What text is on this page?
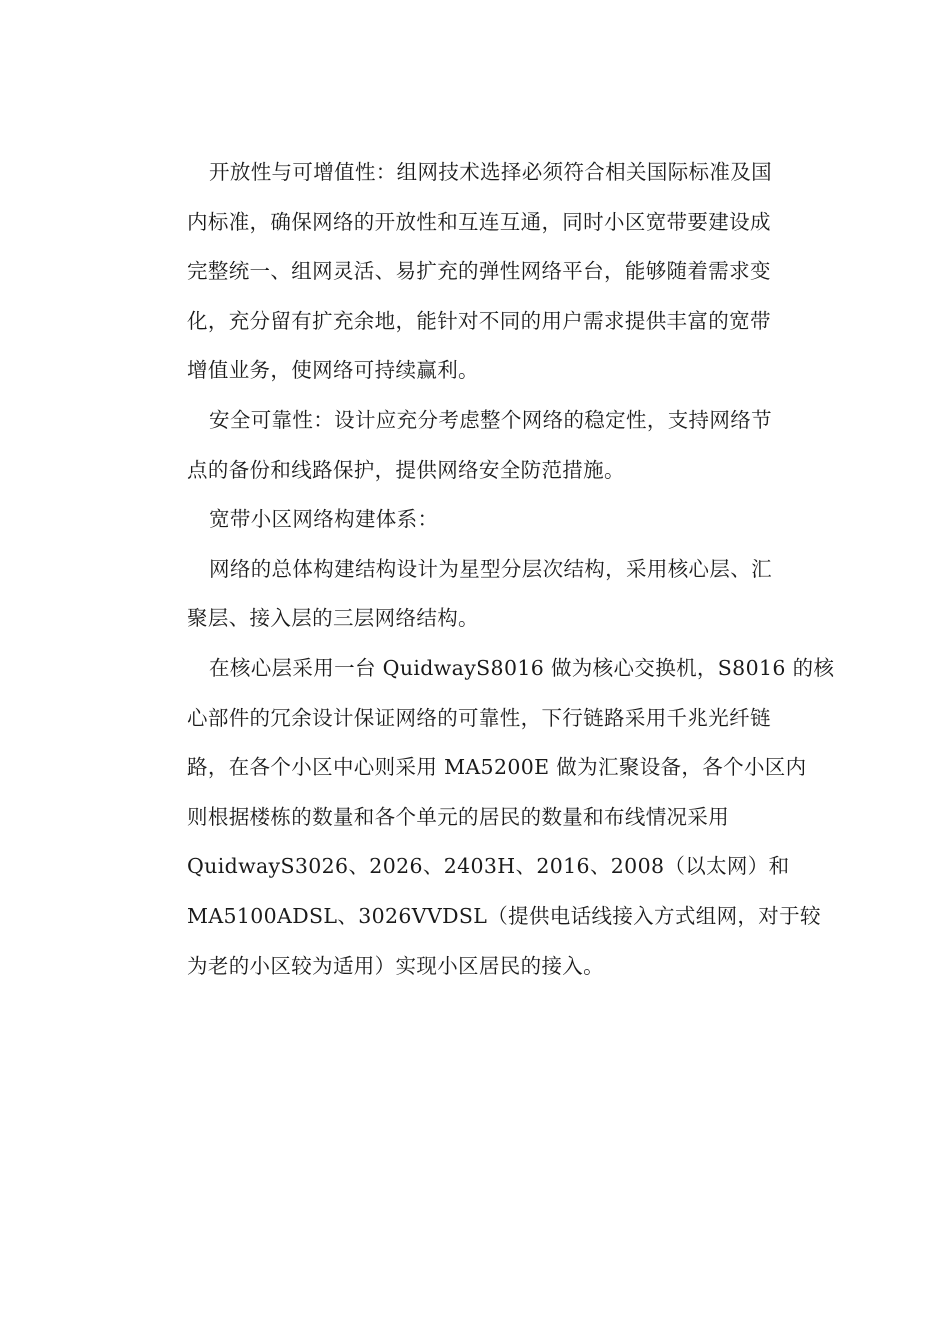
开放性与可增值性：组网技术选择必须符合相关国际标准及国
内标准，确保网络的开放性和互连互通，同时小区宽带要建设成
完整统一、组网灵活、易扩充的弹性网络平台，能够随着需求变
化，充分留有扩充余地，能针对不同的用户需求提供丰富的宽带
增值业务，使网络可持续赢利。
安全可靠性：设计应充分考虑整个网络的稳定性，支持网络节
点的备份和线路保护，提供网络安全防范措施。
宽带小区网络构建体系：
网络的总体构建结构设计为星型分层次结构，采用核心层、汇
聚层、接入层的三层网络结构。
在核心层采用一台 QuidwayS8016 做为核心交换机，S8016 的核
心部件的冗余设计保证网络的可靠性，下行链路采用千兆光纤链
路，在各个小区中心则采用 MA5200E 做为汇聚设备，各个小区内
则根据楼栋的数量和各个单元的居民的数量和布线情况采用
QuidwayS3026、2026、2403H、2016、2008（以太网）和
MA5100ADSL、3026VVDSL（提供电话线接入方式组网，对于较
为老的小区较为适用）实现小区居民的接入。
